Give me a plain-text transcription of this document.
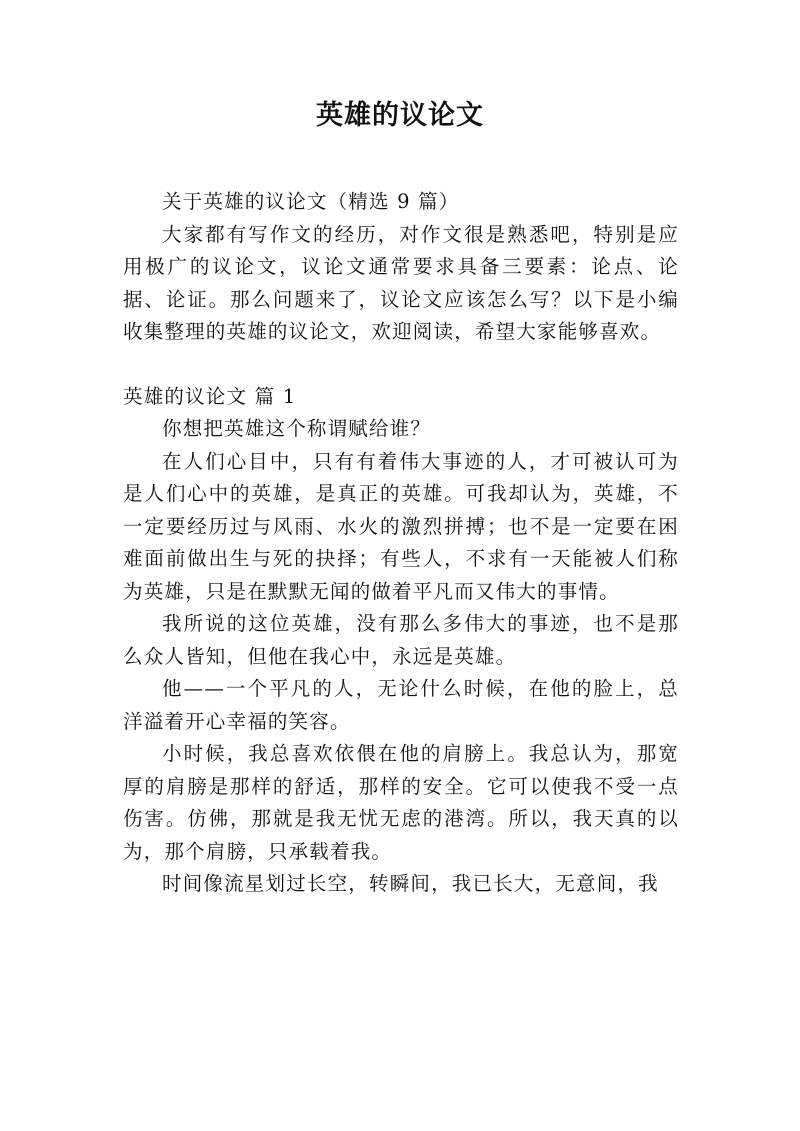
英雄的议论文

关于英雄的议论文（精选 9 篇）

大家都有写作文的经历，对作文很是熟悉吧，特别是应用极广的议论文，议论文通常要求具备三要素：论点、论据、论证。那么问题来了，议论文应该怎么写？以下是小编收集整理的英雄的议论文，欢迎阅读，希望大家能够喜欢。

英雄的议论文 篇 1

你想把英雄这个称谓赋给谁？

在人们心目中，只有有着伟大事迹的人，才可被认可为是人们心中的英雄，是真正的英雄。可我却认为，英雄，不一定要经历过与风雨、水火的激烈拼搏；也不是一定要在困难面前做出生与死的抉择；有些人，不求有一天能被人们称为英雄，只是在默默无闻的做着平凡而又伟大的事情。

我所说的这位英雄，没有那么多伟大的事迹，也不是那么众人皆知，但他在我心中，永远是英雄。

他——一个平凡的人，无论什么时候，在他的脸上，总洋溢着开心幸福的笑容。

小时候，我总喜欢依偎在他的肩膀上。我总认为，那宽厚的肩膀是那样的舒适，那样的安全。它可以使我不受一点伤害。仿佛，那就是我无忧无虑的港湾。所以，我天真的以为，那个肩膀，只承载着我。

时间像流星划过长空，转瞬间，我已长大，无意间，我
